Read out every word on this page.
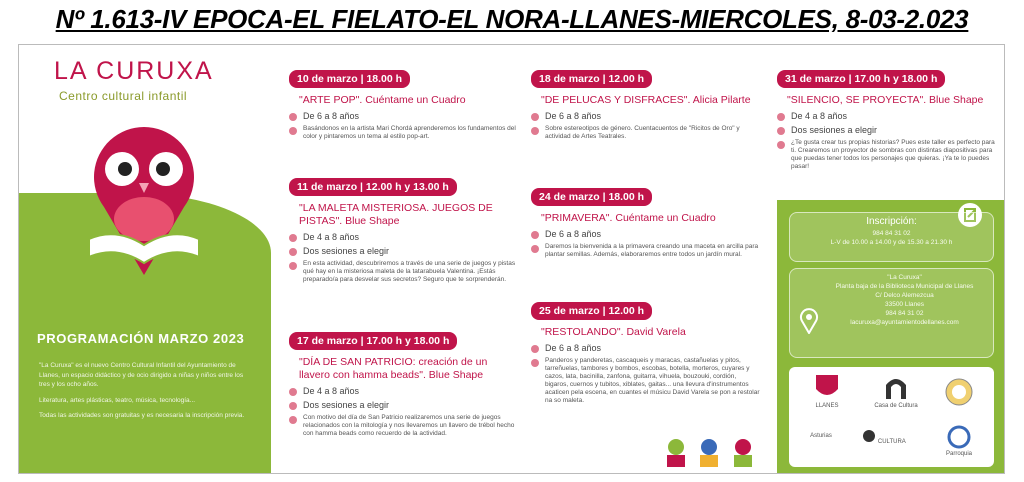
Nº 1.613-IV EPOCA-EL FIELATO-EL NORA-LLANES-MIERCOLES, 8-03-2.023
LA CURUXA
Centro cultural infantil
PROGRAMACIÓN MARZO 2023

"La Curuxa" es el nuevo Centro Cultural Infantil del Ayuntamiento de Llanes, un espacio didáctico y de ocio dirigido a niñas y niños entre los tres y los ocho años.

Literatura, artes plásticas, teatro, música, tecnología...

Todas las actividades son gratuitas y es necesaria la inscripción previa.

10 de marzo | 18.00 h
"ARTE POP". Cuéntame un Cuadro
De 6 a 8 años
Basándonos en la artista Mari Chordá aprenderemos los fundamentos del color y pintaremos un tema al estilo pop-art.
11 de marzo | 12.00 h y 13.00 h
"LA MALETA MISTERIOSA. JUEGOS DE PISTAS". Blue Shape
De 4 a 8 años
Dos sesiones a elegir
En esta actividad, descubriremos a través de una serie de juegos y pistas qué hay en la misteriosa maleta de la tatarabuela Valentina. ¡Estás preparado/a para desvelar sus secretos? Seguro que te sorprenderán.
17 de marzo | 17.00 h y 18.00 h
"DÍA DE SAN PATRICIO: creación de un llavero con hamma beads". Blue Shape
De 4 a 8 años
Dos sesiones a elegir
Con motivo del día de San Patricio realizaremos una serie de juegos relacionados con la mitología y nos llevaremos un llavero de trébol hecho con hamma beads como recuerdo de la actividad.
18 de marzo | 12.00 h
"DE PELUCAS Y DISFRACES". Alicia Pilarte
De 6 a 8 años
Sobre estereotipos de género. Cuentacuentos de "Ricitos de Oro" y actividad de Artes Teatrales.
24 de marzo | 18.00 h
"PRIMAVERA". Cuéntame un Cuadro
De 6 a 8 años
Daremos la bienvenida a la primavera creando una maceta en arcilla para plantar semillas. Además, elaboraremos entre todos un jardín mural.
25 de marzo | 12.00 h
"RESTOLANDO". David Varela
De 6 a 8 años
Panderos y panderetas, cascaqueis y maracas, castañuelas y pitos, tarreñuelas, tambores y bombos, escobas, botella, morteros, cuyares y cazos, lata, bacinilla, zanfona, guitarra, vihuela, bouzouki, cordión, bigaros, cuernos y tubitos, xiblates, gaitas... una llevura d'instrumentos acaticen pela escena, en cuantes el músicu David Varela se pon a restolar na so maleta.
31 de marzo | 17.00 h y 18.00 h
"SILENCIO, SE PROYECTA". Blue Shape
De 4 a 8 años
Dos sesiones a elegir
¿Te gusta crear tus propias historias? Pues este taller es perfecto para ti. Crearemos un proyector de sombras con distintas diapositivas para que puedas tener todos los personajes que quieras. ¡Ya te lo puedes pasar!
Inscripción:
984 84 31 02
L-V de 10.00 a 14.00 y de 15.30 a 21.30 h
"La Curuxa"
Planta baja de la Biblioteca Municipal de Llanes
C/ Delco Alemezcua
33500 Llanes
984 84 31 02
lacuruxa@ayuntamientodellanes.com
LLANES	Casa de Cultura
Asturias
CULTURA
Parroquia
